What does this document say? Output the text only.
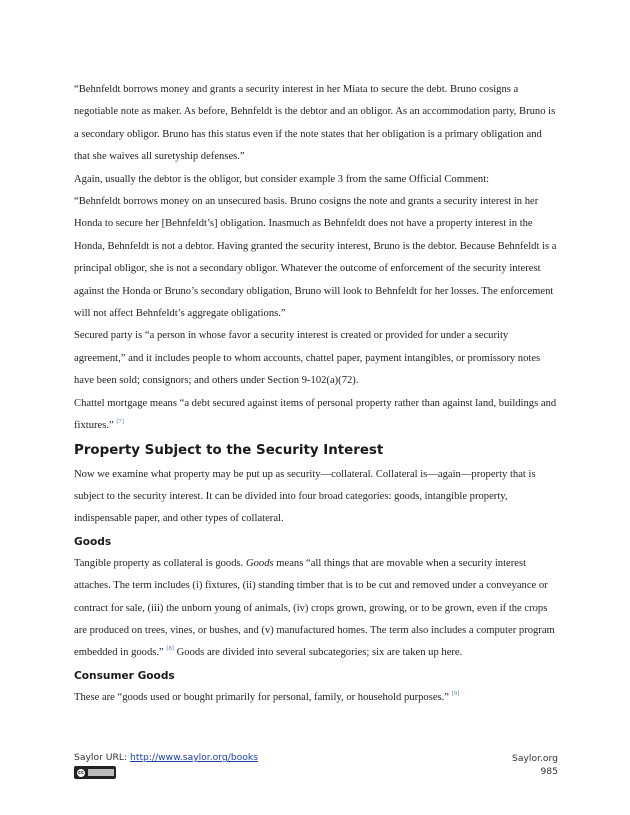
“Behnfeldt borrows money and grants a security interest in her Miata to secure the debt. Bruno cosigns a negotiable note as maker. As before, Behnfeldt is the debtor and an obligor. As an accommodation party, Bruno is a secondary obligor. Bruno has this status even if the note states that her obligation is a primary obligation and that she waives all suretyship defenses.”

Again, usually the debtor is the obligor, but consider example 3 from the same Official Comment:

“Behnfeldt borrows money on an unsecured basis. Bruno cosigns the note and grants a security interest in her Honda to secure her [Behnfeldt’s] obligation. Inasmuch as Behnfeldt does not have a property interest in the Honda, Behnfeldt is not a debtor. Having granted the security interest, Bruno is the debtor. Because Behnfeldt is a principal obligor, she is not a secondary obligor. Whatever the outcome of enforcement of the security interest against the Honda or Bruno’s secondary obligation, Bruno will look to Behnfeldt for her losses. The enforcement will not affect Behnfeldt’s aggregate obligations.”

Secured party is “a person in whose favor a security interest is created or provided for under a security agreement,” and it includes people to whom accounts, chattel paper, payment intangibles, or promissory notes have been sold; consignors; and others under Section 9-102(a)(72).

Chattel mortgage means “a debt secured against items of personal property rather than against land, buildings and fixtures.” [7]

Property Subject to the Security Interest

Now we examine what property may be put up as security—collateral. Collateral is—again—property that is subject to the security interest. It can be divided into four broad categories: goods, intangible property, indispensable paper, and other types of collateral.

Goods

Tangible property as collateral is goods. Goods means “all things that are movable when a security interest attaches. The term includes (i) fixtures, (ii) standing timber that is to be cut and removed under a conveyance or contract for sale, (iii) the unborn young of animals, (iv) crops grown, growing, or to be grown, even if the crops are produced on trees, vines, or bushes, and (v) manufactured homes. The term also includes a computer program embedded in goods.” [8] Goods are divided into several subcategories; six are taken up here.

Consumer Goods

These are “goods used or bought primarily for personal, family, or household purposes.” [9]

Saylor URL: http://www.saylor.org/books
cc
Saylor.org
985
